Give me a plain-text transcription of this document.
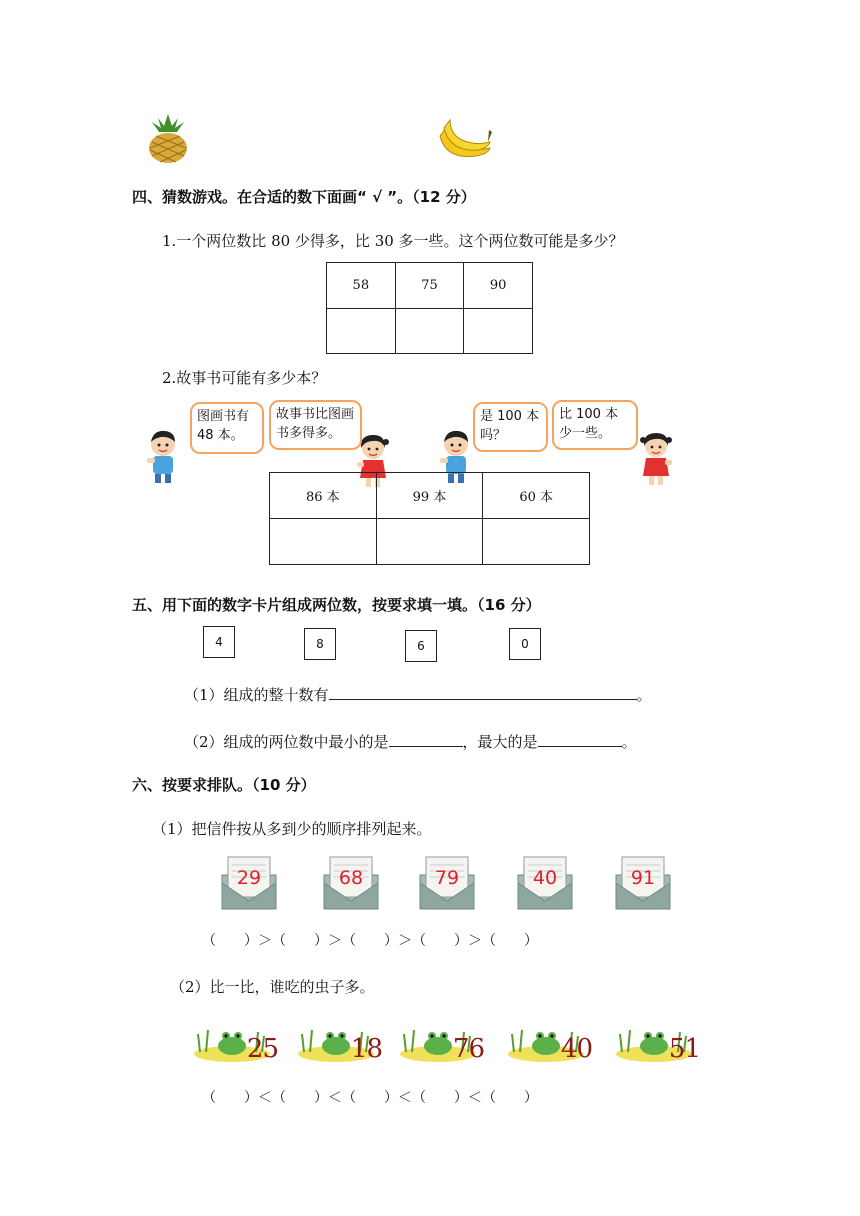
四、猜数游戏。在合适的数下面画“ √ ”。（12 分）
1.一个两位数比 80 少得多，比 30 多一些。这个两位数可能是多少？
58	75	90

2.故事书可能有多少本？
图画书有48 本。
故事书比图画书多得多。
是 100 本吗？
比 100 本少一些。
86 本	99 本	60 本

五、用下面的数字卡片组成两位数，按要求填一填。（16 分）
4	8	6	0
（1）组成的整十数有	。
（2）组成的两位数中最小的是	，最大的是	。
六、按要求排队。（10 分）
（1）把信件按从多到少的顺序排列起来。
29	68	79	40	91
（　　）＞（　　）＞（　　）＞（　　）＞（　　）
（2）比一比，谁吃的虫子多。
25	18	76	40	51
（　　）＜（　　）＜（　　）＜（　　）＜（　　）
